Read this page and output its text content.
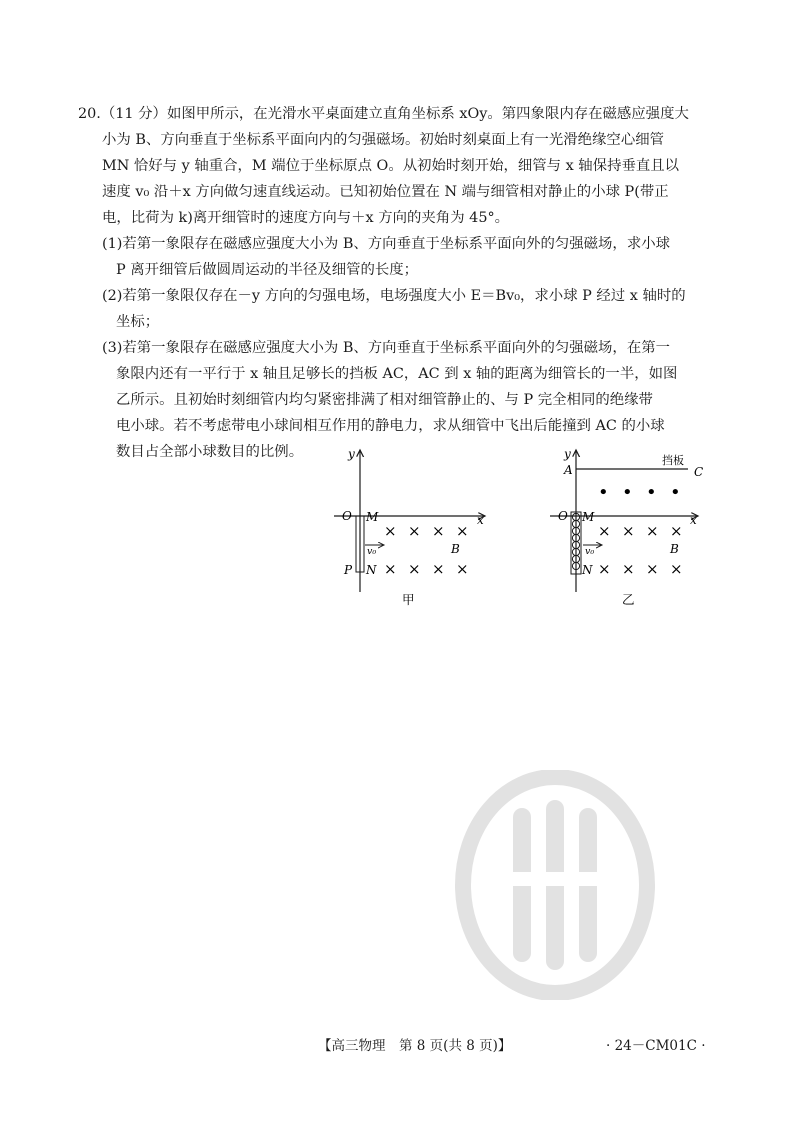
20.（11 分）如图甲所示，在光滑水平桌面建立直角坐标系 xOy。第四象限内存在磁感应强度大
小为 B、方向垂直于坐标系平面向内的匀强磁场。初始时刻桌面上有一光滑绝缘空心细管
MN 恰好与 y 轴重合，M 端位于坐标原点 O。从初始时刻开始，细管与 x 轴保持垂直且以
速度 v₀ 沿＋x 方向做匀速直线运动。已知初始位置在 N 端与细管相对静止的小球 P(带正
电，比荷为 k)离开细管时的速度方向与＋x 方向的夹角为 45°。
(1)若第一象限存在磁感应强度大小为 B、方向垂直于坐标系平面向外的匀强磁场，求小球
P 离开细管后做圆周运动的半径及细管的长度；
(2)若第一象限仅存在－y 方向的匀强电场，电场强度大小 E＝Bv₀，求小球 P 经过 x 轴时的
坐标；
(3)若第一象限存在磁感应强度大小为 B、方向垂直于坐标系平面向外的匀强磁场，在第一
象限内还有一平行于 x 轴且足够长的挡板 AC，AC 到 x 轴的距离为细管长的一半，如图
乙所示。且初始时刻细管内均匀紧密排满了相对细管静止的、与 P 完全相同的绝缘带
电小球。若不考虑带电小球间相互作用的静电力，求从细管中飞出后能撞到 AC 的小球
数目占全部小球数目的比例。	y
x
O M
N
P
B
v₀
× × × ×
× × × ×
甲
y
x
A	C
挡板
O M
N
B
v₀
• • • •
× × × ×
× × × ×
乙
【高三物理　第 8 页(共 8 页)】	· 24－CM01C ·
